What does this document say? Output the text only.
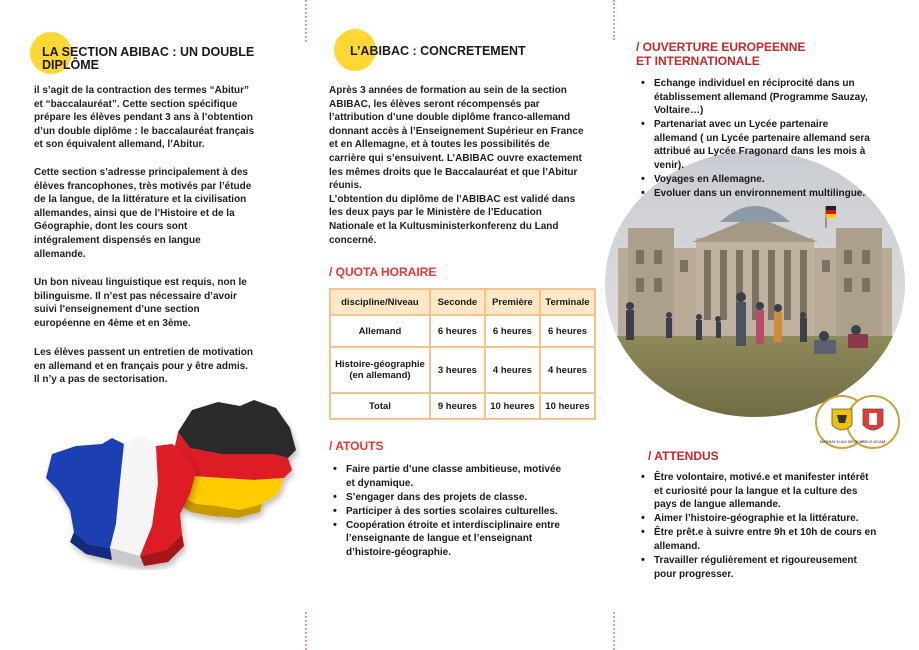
LA SECTION ABIBAC : UN DOUBLE DIPLÔME
il s’agit de la contraction des termes “Abitur”
et “baccalauréat”. Cette section spécifique
prépare les élèves pendant 3 ans à l’obtention
d’un double diplôme : le baccalauréat français
et son équivalent allemand, l’Abitur.
Cette section s’adresse principalement à des
élèves francophones, très motivés par l’étude
de la langue, de la littérature et la civilisation
allemandes, ainsi que de l’Histoire et de la
Géographie, dont les cours sont
intégralement dispensés en langue
allemande.
Un bon niveau linguistique est requis, non le
bilinguisme. Il n’est pas nécessaire d’avoir
suivi l’enseignement d’une section
européenne en 4ème et en 3ème.
Les élèves passent un entretien de motivation
en allemand et en français pour y être admis.
Il n’y a pas de sectorisation.
L’ABIBAC : CONCRETEMENT
Après 3 années de formation au sein de la section
ABIBAC, les élèves seront récompensés par
l’attribution d’une double diplôme franco-allemand
donnant accès à l’Enseignement Supérieur en France
et en Allemagne, et à toutes les possibilités de
carrière qui s’ensuivent. L’ABIBAC ouvre exactement
les mêmes droits que le Baccalauréat et que l’Abitur
réunis.
L’obtention du diplôme de l’ABIBAC est validé dans
les deux pays par le Ministère de l’Education
Nationale et la Kultusministerkonferenz du Land
concerné.
/ QUOTA HORAIRE
discipline/Niveau	Seconde	Première	Terminale
Allemand	6 heures	6 heures	6 heures
Histoire-géographie (en allemand)	3 heures	4 heures	4 heures
Total	9 heures	10 heures	10 heures
/ ATOUTS
• Faire partie d’une classe ambitieuse, motivée
et dynamique.
• S’engager dans des projets de classe.
• Participer à des sorties scolaires culturelles.
• Coopération étroite et interdisciplinaire entre
l’enseignante de langue et l’enseignant
d’histoire-géographie.
/ OUVERTURE EUROPEENNE
ET INTERNATIONALE
• Echange individuel en réciprocité dans un
établissement allemand (Programme Sauzay,
Voltaire…)
• Partenariat avec un Lycée partenaire
allemand ( un Lycée partenaire allemand sera
attribué au Lycée Fragonard dans les mois à
venir).
• Voyages en Allemagne.
• Evoluer dans un environnement multilingue.
MARBACH AM NECKAR
L’ISLE-ADAM
/ ATTENDUS
• Être volontaire, motivé.e et manifester intérêt
et curiosité pour la langue et la culture des
pays de langue allemande.
• Aimer l’histoire-géographie et la littérature.
• Être prêt.e à suivre entre 9h et 10h de cours en
allemand.
• Travailler régulièrement et rigoureusement
pour progresser.
